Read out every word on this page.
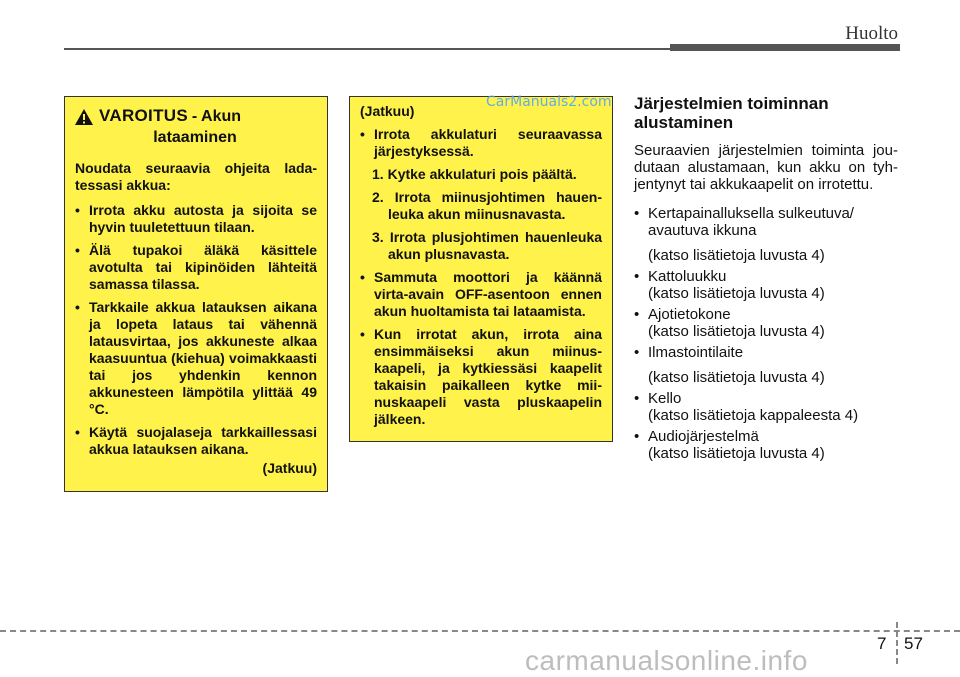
Huolto
VAROITUS - Akun
lataaminen

Noudata seuraavia ohjeita ladatessasi akkua:

• Irrota akku autosta ja sijoita se hyvin tuuletettuun tilaan.

• Älä tupakoi äläkä käsittele avotulta tai kipinöiden lähteitä samassa tilassa.

• Tarkkaile akkua latauksen aikana ja lopeta lataus tai vähennä latausvirtaa, jos akkuneste alkaa kaasuuntua (kiehua) voimakkaasti tai jos yhdenkin kennon akkunesteen lämpötila ylittää 49 °C.

• Käytä suojalaseja tarkkaillessasi akkua latauksen aikana.

(Jatkuu)

(Jatkuu)

• Irrota akkulaturi seuraavassa järjestyksessä.

1. Kytke akkulaturi pois päältä.

2. Irrota miinusjohtimen hauenleuka akun miinusnavasta.

3. Irrota plusjohtimen hauenleuka akun plusnavasta.

• Sammuta moottori ja käännä virta-avain OFF-asentoon ennen akun huoltamista tai lataamista.

• Kun irrotat akun, irrota aina ensimmäiseksi akun miinuskaapeli, ja kytkiessäsi kaapelit takaisin paikalleen kytke miinuskaapeli vasta pluskaapelin jälkeen.

CarManuals2.com Järjestelmien toiminnan alustaminen

Seuraavien järjestelmien toiminta joudutaan alustamaan, kun akku on tyhjentynyt tai akkukaapelit on irrotettu.

• Kertapainalluksella sulkeutuva/ avautuva ikkuna
(katso lisätietoja luvusta 4)
• Kattoluukku
(katso lisätietoja luvusta 4)
• Ajotietokone
(katso lisätietoja luvusta 4)
• Ilmastointilaite
(katso lisätietoja luvusta 4)
• Kello
(katso lisätietoja kappaleesta 4)
• Audiojärjestelmä
(katso lisätietoja luvusta 4)
7 57
carmanualsonline.info
